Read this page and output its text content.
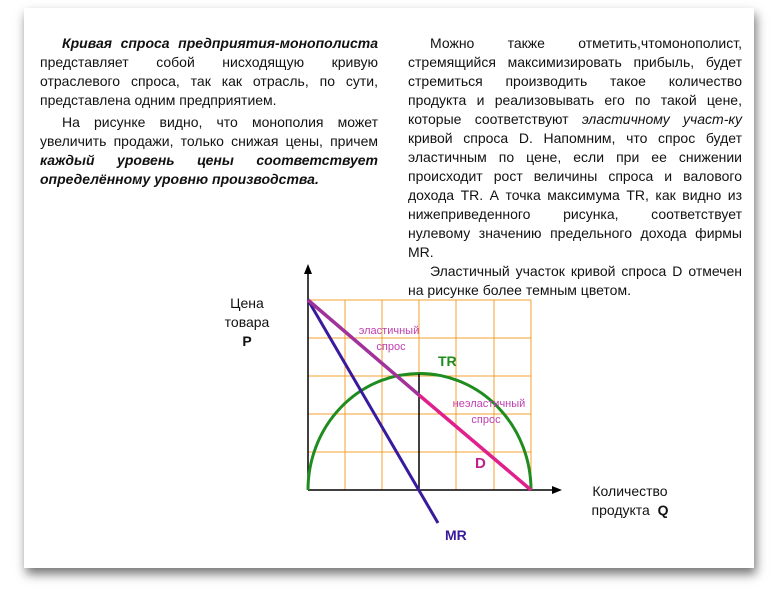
Кривая спроса предприятия-монополиста представляет собой нисходящую кривую отраслевого спроса, так как отрасль, по сути, представлена одним предприятием.

На рисунке видно, что монополия может увеличить продажи, только снижая цены, причем каждый уровень цены соответствует определённому уровню производства.

Можно также отметить,чтомонополист, стремящийся максимизировать прибыль, будет стремиться производить такое количество продукта и реализовывать его по такой цене, которые соответствуют эластичному участ-ку кривой спроса D. Напомним, что спрос будет эластичным по цене, если при ее снижении происходит рост величины спроса и валового дохода TR. А точка максимума TR, как видно из нижеприведенного рисунка, соответствует нулевому значению предельного дохода фирмы MR.

Эластичный участок кривой спроса D отмечен на рисунке более темным цветом.

эластичный
спрос
неэластичный
спрос
TR
D
MR
Цена
товара
P
Количество
продукта Q
